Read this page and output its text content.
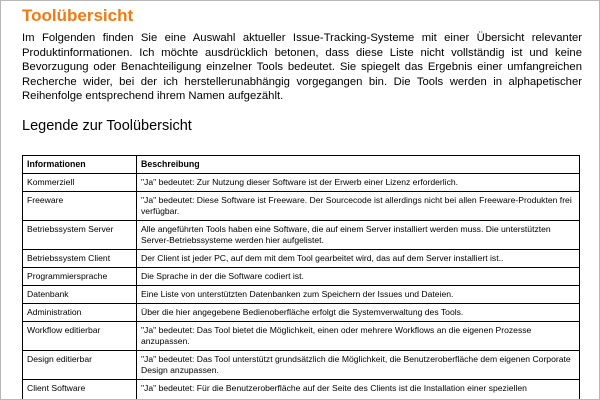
Toolübersicht

Im Folgenden finden Sie eine Auswahl aktueller Issue-Tracking-Systeme mit einer Übersicht relevanter Produktinformationen. Ich möchte ausdrücklich betonen, dass diese Liste nicht vollständig ist und keine Bevorzugung oder Benachteiligung einzelner Tools bedeutet. Sie spiegelt das Ergebnis einer umfangreichen Recherche wider, bei der ich herstellerunabhängig vorgegangen bin. Die Tools werden in alphapetischer Reihenfolge entsprechend ihrem Namen aufgezählt.

Legende zur Toolübersicht
Informationen	Beschreibung
Kommerziell	"Ja" bedeutet: Zur Nutzung dieser Software ist der Erwerb einer Lizenz erforderlich.
Freeware	"Ja" bedeutet: Diese Software ist Freeware. Der Sourcecode ist allerdings nicht bei allen Freeware-Produkten frei verfügbar.
Betriebssystem Server	Alle angeführten Tools haben eine Software, die auf einem Server installiert werden muss. Die unterstützten Server-Betriebssysteme werden hier aufgelistet.
Betriebssystem Client	Der Client ist jeder PC, auf dem mit dem Tool gearbeitet wird, das auf dem Server installiert ist..
Programmiersprache	Die Sprache in der die Software codiert ist.
Datenbank	Eine Liste von unterstützten Datenbanken zum Speichern der Issues und Dateien.
Administration	Über die hier angegebene Bedienoberfläche erfolgt die Systemverwaltung des Tools.
Workflow editierbar	"Ja" bedeutet: Das Tool bietet die Möglichkeit, einen oder mehrere Workflows an die eigenen Prozesse anzupassen.
Design editierbar	"Ja" bedeutet: Das Tool unterstützt grundsätzlich die Möglichkeit, die Benutzeroberfläche dem eigenen Corporate Design anzupassen.
Client Software	"Ja" bedeutet: Für die Benutzeroberfläche auf der Seite des Clients ist die Installation einer speziellen
